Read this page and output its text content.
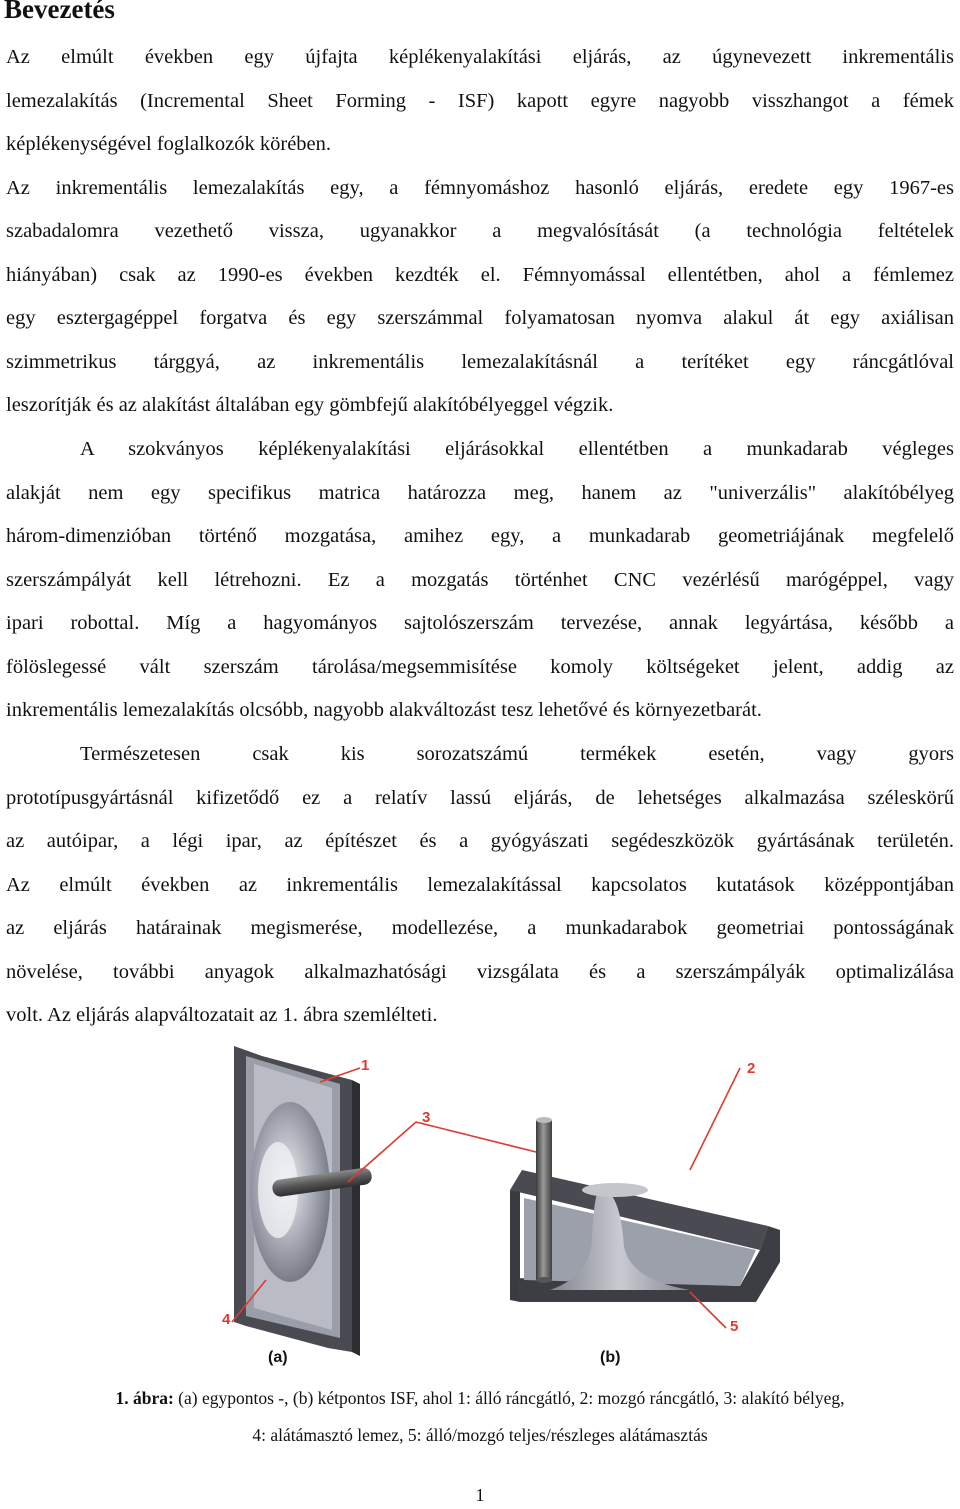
Bevezetés
Az elmúlt években egy újfajta képlékenyalakítási eljárás, az úgynevezett inkrementális
lemezalakítás (Incremental Sheet Forming - ISF) kapott egyre nagyobb visszhangot a fémek
képlékenységével foglalkozók körében.
Az inkrementális lemezalakítás egy, a fémnyomáshoz hasonló eljárás, eredete egy 1967-es
szabadalomra vezethető vissza, ugyanakkor a megvalósítását (a technológia feltételek
hiányában) csak az 1990-es években kezdték el. Fémnyomással ellentétben, ahol a fémlemez
egy esztergagéppel forgatva és egy szerszámmal folyamatosan nyomva alakul át egy axiálisan
szimmetrikus tárggyá, az inkrementális lemezalakításnál a terítéket egy ráncgátlóval
leszorítják és az alakítást általában egy gömbfejű alakítóbélyeggel végzik.
A szokványos képlékenyalakítási eljárásokkal ellentétben a munkadarab végleges
alakját nem egy specifikus matrica határozza meg, hanem az "univerzális" alakítóbélyeg
három-dimenzióban történő mozgatása, amihez egy, a munkadarab geometriájának megfelelő
szerszámpályát kell létrehozni. Ez a mozgatás történhet CNC vezérlésű marógéppel, vagy
ipari robottal. Míg a hagyományos sajtolószerszám tervezése, annak legyártása, később a
fölöslegessé vált szerszám tárolása/megsemmisítése komoly költségeket jelent, addig az
inkrementális lemezalakítás olcsóbb, nagyobb alakváltozást tesz lehetővé és környezetbarát.
Természetesen csak kis sorozatszámú termékek esetén, vagy gyors
prototípusgyártásnál kifizetődő ez a relatív lassú eljárás, de lehetséges alkalmazása széleskörű
az autóipar, a légi ipar, az építészet és a gyógyászati segédeszközök gyártásának területén.
Az elmúlt években az inkrementális lemezalakítással kapcsolatos kutatások középpontjában
az eljárás határainak megismerése, modellezése, a munkadarabok geometriai pontosságának
növelése, további anyagok alkalmazhatósági vizsgálata és a szerszámpályák optimalizálása
volt. Az eljárás alapváltozatait az 1. ábra szemlélteti.
1	2
3
4	5
(a)	(b)
1. ábra: (a) egypontos -, (b) kétpontos ISF, ahol 1: álló ráncgátló, 2: mozgó ráncgátló, 3: alakító bélyeg,
4: alátámasztó lemez, 5: álló/mozgó teljes/részleges alátámasztás
1
